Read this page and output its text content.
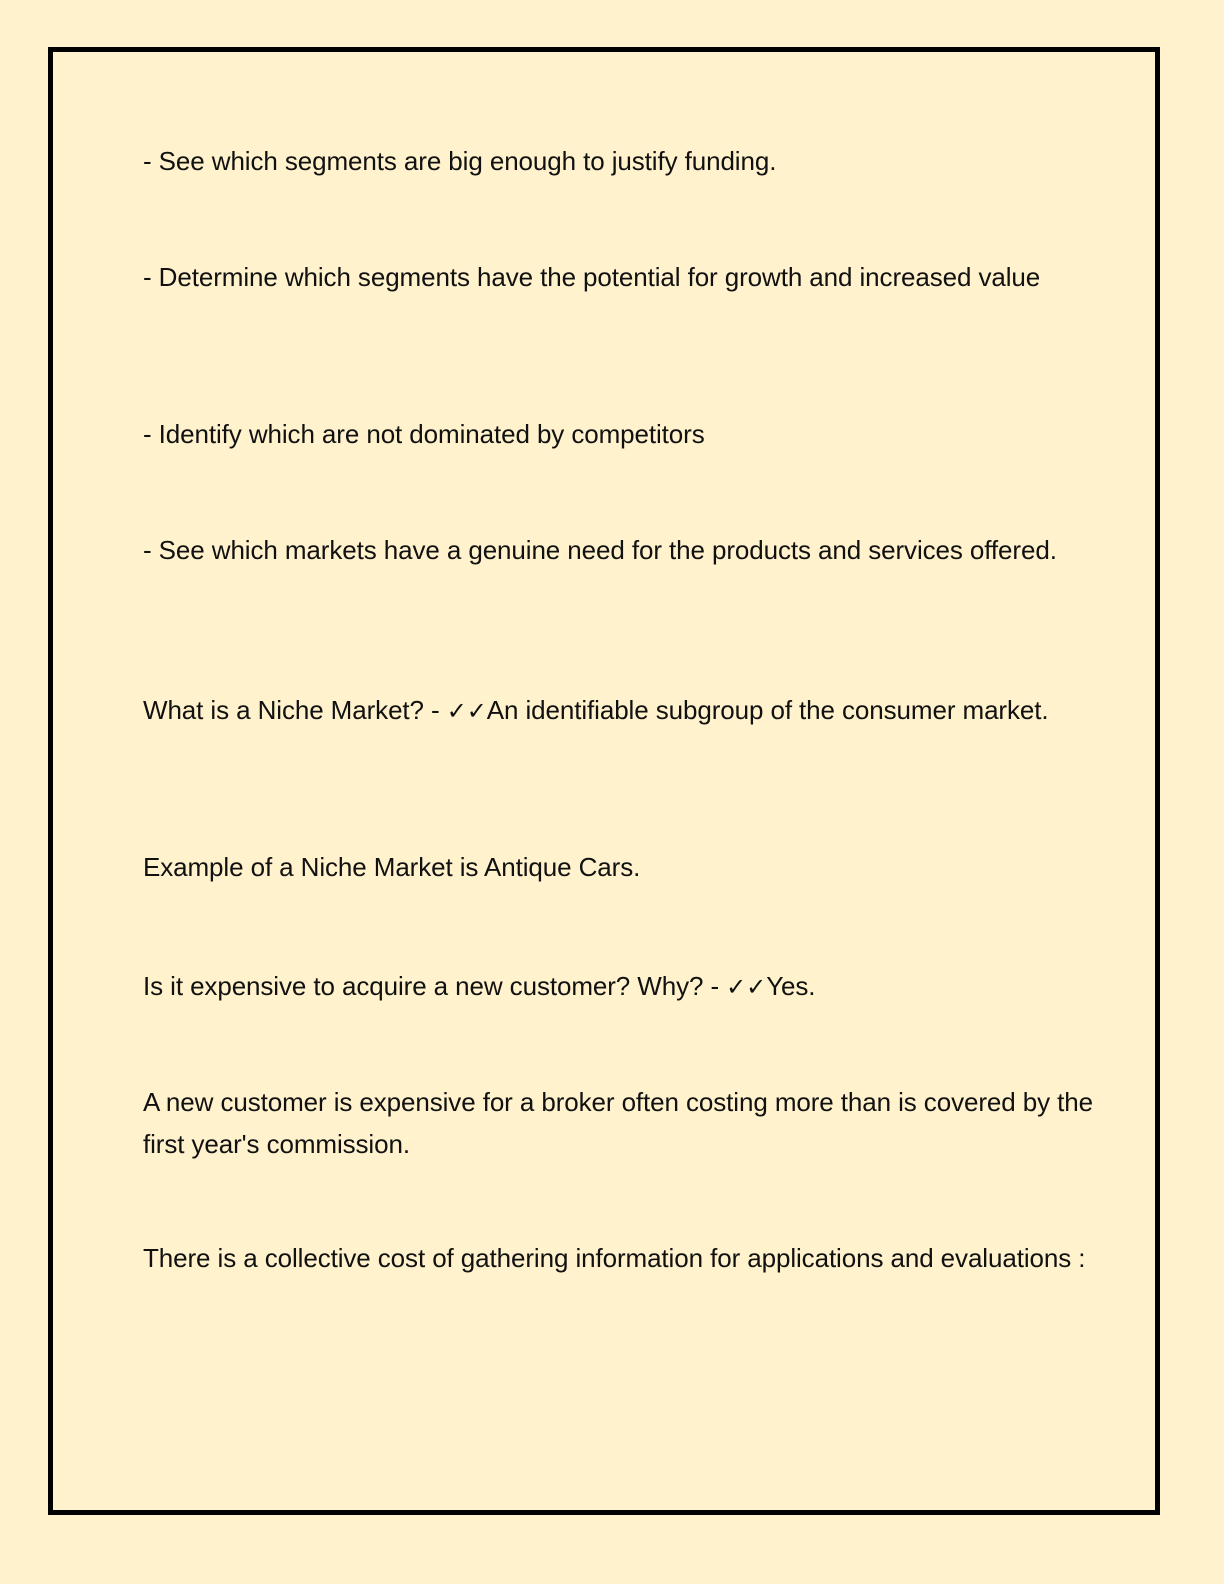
- See which segments are big enough to justify funding.

- Determine which segments have the potential for growth and increased value

- Identify which are not dominated by competitors

- See which markets have a genuine need for the products and services offered.

What is a Niche Market? - ✓✓An identifiable subgroup of the consumer market.

Example of a Niche Market is Antique Cars.

Is it expensive to acquire a new customer? Why? - ✓✓Yes.

A new customer is expensive for a broker often costing more than is covered by the first year's commission.

There is a collective cost of gathering information for applications and evaluations :
